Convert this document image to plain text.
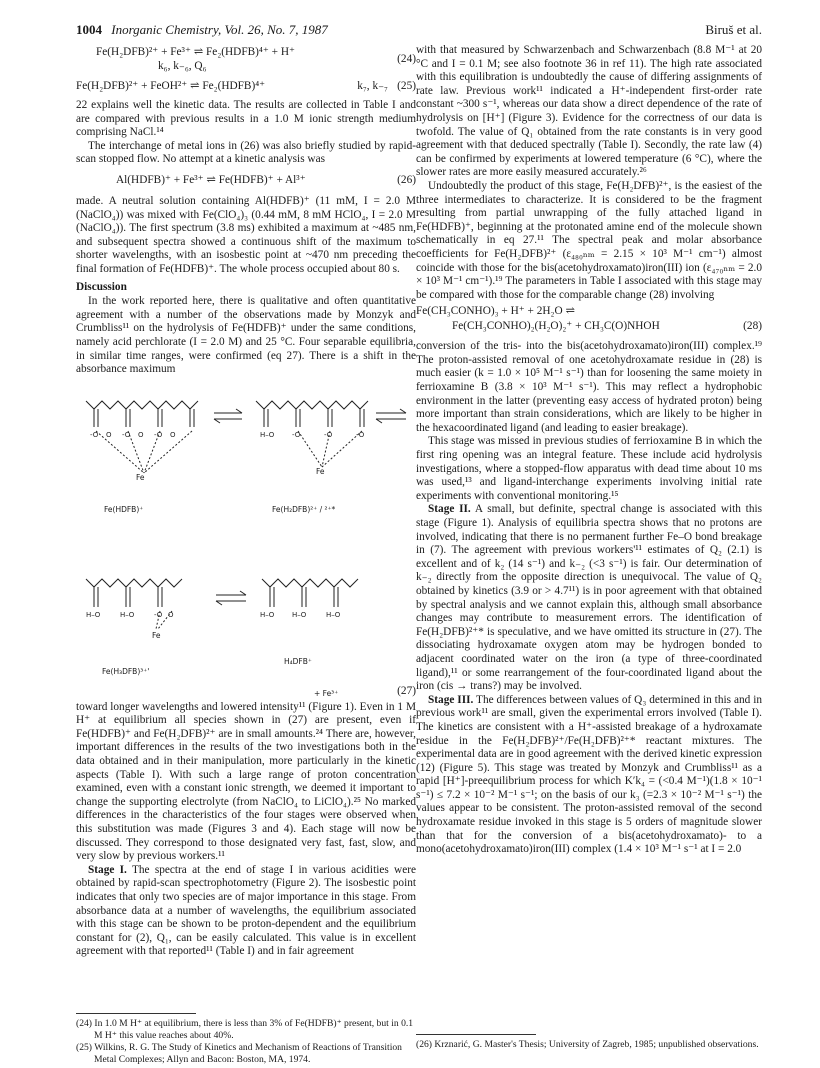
1004 Inorganic Chemistry, Vol. 26, No. 7, 1987	Biruš et al.
Fe(H₂DFB)²⁺ + Fe³⁺ ⇌ Fe₂(HDFB)⁴⁺ + H⁺
k₆, k₋₆, Q₆
(24)
Fe(H₂DFB)²⁺ + FeOH²⁺ ⇌ Fe₂(HDFB)⁴⁺	k₇, k₋₇ (25)

22 explains well the kinetic data. The results are collected in Table I and are compared with previous results in a 1.0 M ionic strength medium comprising NaCl.¹⁴

The interchange of metal ions in (26) was also briefly studied by rapid-scan stopped flow. No attempt at a kinetic analysis was

Al(HDFB)⁺ + Fe³⁺ ⇌ Fe(HDFB)⁺ + Al³⁺	(26)

made. A neutral solution containing Al(HDFB)⁺ (11 mM, I = 2.0 M (NaClO₄)) was mixed with Fe(ClO₄)₃ (0.44 mM, 8 mM HClO₄, I = 2.0 M (NaClO₄)). The first spectrum (3.8 ms) exhibited a maximum at ~485 nm, and subsequent spectra showed a continuous shift of the maximum to shorter wavelengths, with an isosbestic point at ~470 nm preceding the final formation of Fe(HDFB)⁺. The whole process occupied about 80 s.

Discussion

In the work reported here, there is qualitative and often quantitative agreement with a number of the observations made by Monzyk and Crumbliss¹¹ on the hydrolysis of Fe(HDFB)⁺ under the same conditions, namely acid perchlorate (I = 2.0 M) and 25 °C. Four separable equilibria, in similar time ranges, were confirmed (eq 27). There is a shift in the absorbance maximum

-O O -O O -O O	H–O	-O	-O	-O
H–O	H–O	-O O	H–O	H–O	H–O
Fe
Fe
Fe
Fe(HDFB)⁺	Fe(H₂DFB)²⁺ / ²⁺*
Fe(H₃DFB)³⁺'
H₄DFB⁺
+ Fe³⁺	(27)

toward longer wavelengths and lowered intensity¹¹ (Figure 1). Even in 1 M H⁺ at equilibrium all species shown in (27) are present, even if Fe(HDFB)⁺ and Fe(H₂DFB)²⁺ are in small amounts.²⁴ There are, however, important differences in the results of the two investigations both in the data obtained and in their manipulation, more particularly in the kinetic aspects (Table I). With such a large range of proton concentration examined, even with a constant ionic strength, we deemed it important to change the supporting electrolyte (from NaClO₄ to LiClO₄).²⁵ No marked differences in the characteristics of the four stages were observed when this substitution was made (Figures 3 and 4). Each stage will now be discussed. They correspond to those designated very fast, fast, slow, and very slow by previous workers.¹¹

Stage I. The spectra at the end of stage I in various acidities were obtained by rapid-scan spectrophotometry (Figure 2). The isosbestic point indicates that only two species are of major importance in this stage. From absorbance data at a number of wavelengths, the equilibrium associated with this stage can be shown to be proton-dependent and the equilibrium constant for (2), Q₁, can be easily calculated. This value is in excellent agreement with that reported¹¹ (Table I) and in fair agreement

(24) In 1.0 M H⁺ at equilibrium, there is less than 3% of Fe(HDFB)⁺ present, but in 0.1 M H⁺ this value reaches about 40%.
(25) Wilkins, R. G. The Study of Kinetics and Mechanism of Reactions of Transition Metal Complexes; Allyn and Bacon: Boston, MA, 1974.

with that measured by Schwarzenbach and Schwarzenbach (8.8 M⁻¹ at 20 °C and I = 0.1 M; see also footnote 36 in ref 11). The high rate associated with this equilibration is undoubtedly the cause of differing assignments of rate law. Previous work¹¹ indicated a H⁺-independent first-order rate constant ~300 s⁻¹, whereas our data show a direct dependence of the rate of hydrolysis on [H⁺] (Figure 3). Evidence for the correctness of our data is twofold. The value of Q₁ obtained from the rate constants is in very good agreement with that deduced spectrally (Table I). Secondly, the rate law (4) can be confirmed by experiments at lowered temperature (6 °C), where the slower rates are more easily measured accurately.²⁶

Undoubtedly the product of this stage, Fe(H₂DFB)²⁺, is the easiest of the three intermediates to characterize. It is considered to be the fragment resulting from partial unwrapping of the fully attached ligand in Fe(HDFB)⁺, beginning at the protonated amine end of the molecule shown schematically in eq 27.¹¹ The spectral peak and molar absorbance coefficients for Fe(H₂DFB)²⁺ (ε₄₈₀ₙₘ = 2.15 × 10³ M⁻¹ cm⁻¹) almost coincide with those for the bis(acetohydroxamato)iron(III) ion (ε₄₇₀ₙₘ = 2.0 × 10³ M⁻¹ cm⁻¹).¹⁹ The parameters in Table I associated with this stage may be compared with those for the comparable change (28) involving

Fe(CH₃CONHO)₃ + H⁺ + 2H₂O ⇌
Fe(CH₃CONHO)₂(H₂O)₂⁺ + CH₃C(O)NHOH	(28)

conversion of the tris- into the bis(acetohydroxamato)iron(III) complex.¹⁹ The proton-assisted removal of one acetohydroxamate residue in (28) is much easier (k = 1.0 × 10⁵ M⁻¹ s⁻¹) than for loosening the same moiety in ferrioxamine B (3.8 × 10³ M⁻¹ s⁻¹). This may reflect a hydrophobic environment in the latter (preventing easy access of hydrated proton) being more important than strain considerations, which are likely to be higher in the hexacoordinated ligand (and leading to easier breakage).

This stage was missed in previous studies of ferrioxamine B in which the first ring opening was an integral feature. These include acid hydrolysis investigations, where a stopped-flow apparatus with dead time about 10 ms was used,¹³ and ligand-interchange experiments involving initial rate experiments with conventional monitoring.¹⁵

Stage II. A small, but definite, spectral change is associated with this stage (Figure 1). Analysis of equilibria spectra shows that no protons are involved, indicating that there is no permanent further Fe–O bond breakage in (7). The agreement with previous workers'¹¹ estimates of Q₂ (2.1) is excellent and of k₂ (14 s⁻¹) and k₋₂ (<3 s⁻¹) is fair. Our determination of k₋₂ directly from the opposite direction is unequivocal. The value of Q₂ obtained by kinetics (3.9 or > 4.7¹¹) is in poor agreement with that obtained by spectral analysis and we cannot explain this, although small absorbance changes may contribute to measurement errors. The identification of Fe(H₂DFB)²⁺* is speculative, and we have omitted its structure in (27). The dissociating hydroxamate oxygen atom may be hydrogen bonded to adjacent coordinated water on the iron (a type of three-coordinated ligand),¹¹ or some rearrangement of the four-coordinated ligand about the iron (cis → trans?) may be involved.

Stage III. The differences between values of Q₃ determined in this and in previous work¹¹ are small, given the experimental errors involved (Table I). The kinetics are consistent with a H⁺-assisted breakage of a hydroxamate residue in the Fe(H₂DFB)²⁺/Fe(H₂DFB)²⁺* reactant mixtures. The experimental data are in good agreement with the derived kinetic expression (12) (Figure 5). This stage was treated by Monzyk and Crumbliss¹¹ as a rapid [H⁺]-preequilibrium process for which K′k₄ = (<0.4 M⁻¹)(1.8 × 10⁻¹ s⁻¹) ≤ 7.2 × 10⁻² M⁻¹ s⁻¹; on the basis of our k₃ (=2.3 × 10⁻² M⁻¹ s⁻¹) the values appear to be consistent. The proton-assisted removal of the second hydroxamate residue invoked in this stage is 5 orders of magnitude slower than that for the conversion of a bis(acetohydroxamato)- to a mono(acetohydroxamato)iron(III) complex (1.4 × 10³ M⁻¹ s⁻¹ at I = 2.0

(26) Krznarić, G. Master's Thesis; University of Zagreb, 1985; unpublished observations.
